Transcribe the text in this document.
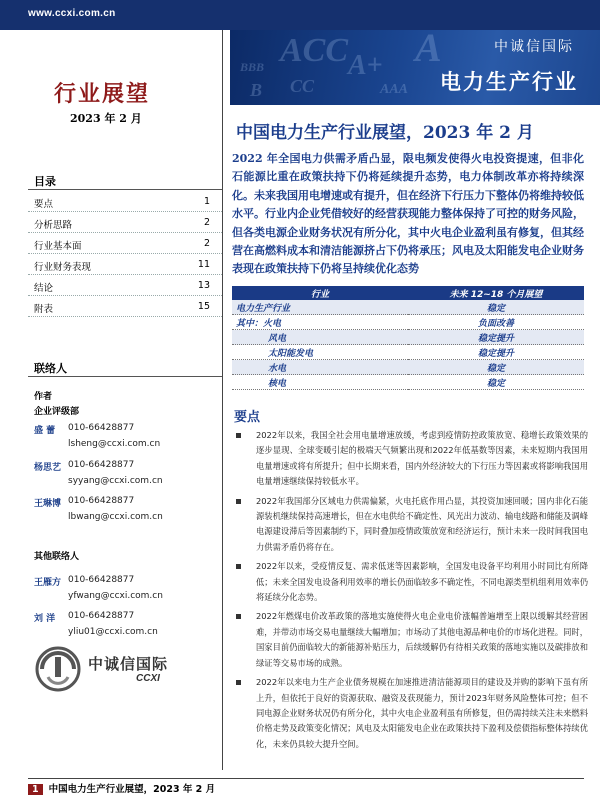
www.ccxi.com.cn
BBB ACC A+
CC	AAA
B
A	中诚信国际
电力生产行业
行业展望
2023 年 2 月
目录
要点	1
分析思路	2
行业基本面	2
行业财务表现	11
结论	13
附表	15
联络人
作者
企业评级部
盛 蕾 010-66428877
lsheng@ccxi.com.cn
杨思艺 010-66428877
syyang@ccxi.com.cn
王琳博 010-66428877
lbwang@ccxi.com.cn
其他联络人
王雁方 010-66428877
yfwang@ccxi.com.cn
刘 洋 010-66428877
yliu01@ccxi.com.cn
中诚信国际
CCXI
中国电力生产行业展望，2023 年 2 月
2022 年全国电力供需矛盾凸显，限电频发使得火电投资提速，但非化石能源比重在政策扶持下仍将延续提升态势，电力体制改革亦将持续深化。未来我国用电增速或有提升，但在经济下行压力下整体仍将维持较低水平。行业内企业凭借较好的经营获现能力整体保持了可控的财务风险，但各类电源企业财务状况有所分化，其中火电企业盈利虽有修复，但其经营在高燃料成本和清洁能源挤占下仍将承压；风电及太阳能发电企业财务表现在政策扶持下仍将呈持续优化态势
行业	未来 12~18 个月展望
电力生产行业	稳定
其中：火电	负面改善
风电	稳定提升
太阳能发电	稳定提升
水电	稳定
核电	稳定
要点
2022年以来，我国全社会用电量增速放缓，考虑到疫情防控政策放宽、稳增长政策效果的逐步显现、全球变暖引起的极端天气频繁出现和2022年低基数等因素，未来短期内我国用电量增速或将有所提升；但中长期来看，国内外经济较大的下行压力等因素或将影响我国用电量增速继续保持较低水平。
2022年我国部分区域电力供需偏紧，火电托底作用凸显，其投资加速回暖；国内非化石能源装机继续保持高速增长，但在水电供给不确定性、风光出力波动、输电线路和储能及调峰电源建设滞后等因素制约下，同时叠加疫情政策放宽和经济运行，预计未来一段时间我国电力供需矛盾仍将存在。
2022年以来，受疫情反复、需求低迷等因素影响，全国发电设备平均利用小时同比有所降低；未来全国发电设备利用效率的增长仍面临较多不确定性，不同电源类型机组利用效率仍将延续分化态势。
2022年燃煤电价改革政策的落地实施使得火电企业电价涨幅普遍增至上限以缓解其经营困难，并带动市场交易电量继续大幅增加；市场动了其他电源品种电价的市场化进程。同时，国家目前仍面临较大的新能源补贴压力，后续缓解仍有待相关政策的落地实施以及碳排放和绿证等交易市场的成熟。
2022年以来电力生产企业债务规模在加速推进清洁能源项目的建设及并购的影响下虽有所上升，但依托于良好的资源获取、融资及获现能力，预计2023年财务风险整体可控；但不同电源企业财务状况仍有所分化，其中火电企业盈利虽有所修复，但仍需持续关注未来燃料价格走势及政策变化情况；风电及太阳能发电企业在政策扶持下盈利及偿债指标整体持续优化，未来仍具较大提升空间。
1 中国电力生产行业展望，2023 年 2 月
